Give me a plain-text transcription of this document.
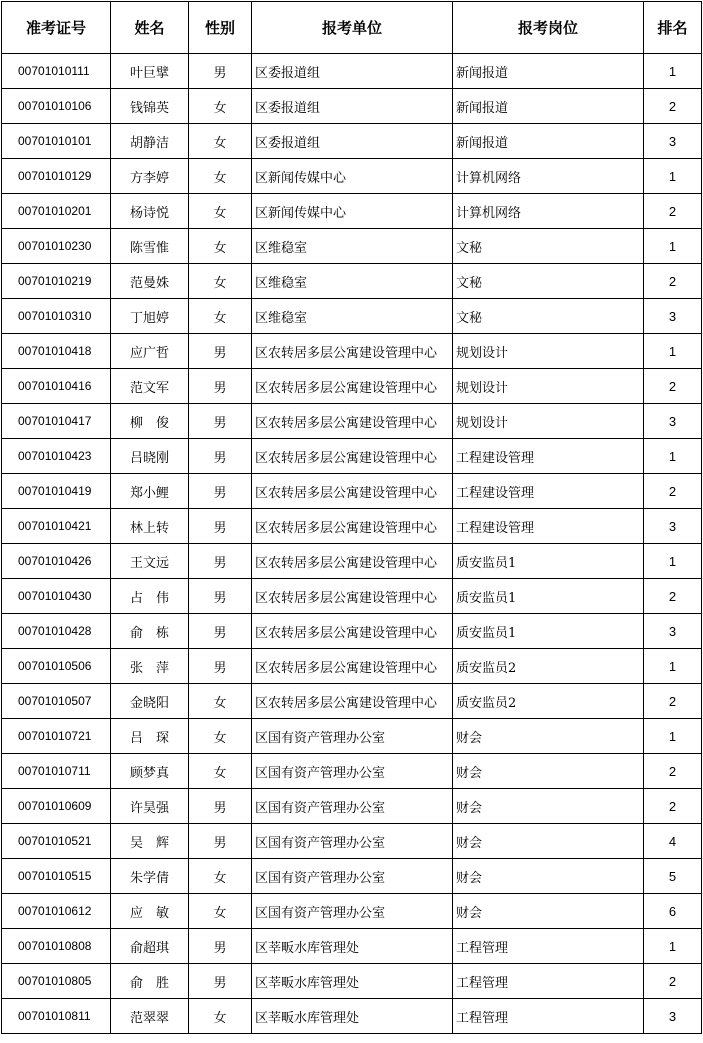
准考证号	姓名	性别	报考单位	报考岗位	排名
00701010111	叶巨擘	男	区委报道组	新闻报道	1
00701010106	钱锦英	女	区委报道组	新闻报道	2
00701010101	胡静洁	女	区委报道组	新闻报道	3
00701010129	方李婷	女	区新闻传媒中心	计算机网络	1
00701010201	杨诗悦	女	区新闻传媒中心	计算机网络	2
00701010230	陈雪惟	女	区维稳室	文秘	1
00701010219	范曼姝	女	区维稳室	文秘	2
00701010310	丁旭婷	女	区维稳室	文秘	3
00701010418	应广哲	男	区农转居多层公寓建设管理中心	规划设计	1
00701010416	范文军	男	区农转居多层公寓建设管理中心	规划设计	2
00701010417	柳　俊	男	区农转居多层公寓建设管理中心	规划设计	3
00701010423	吕晓刚	男	区农转居多层公寓建设管理中心	工程建设管理	1
00701010419	郑小鲤	男	区农转居多层公寓建设管理中心	工程建设管理	2
00701010421	林上转	男	区农转居多层公寓建设管理中心	工程建设管理	3
00701010426	王文远	男	区农转居多层公寓建设管理中心	质安监员1	1
00701010430	占　伟	男	区农转居多层公寓建设管理中心	质安监员1	2
00701010428	俞　栋	男	区农转居多层公寓建设管理中心	质安监员1	3
00701010506	张　萍	男	区农转居多层公寓建设管理中心	质安监员2	1
00701010507	金晓阳	女	区农转居多层公寓建设管理中心	质安监员2	2
00701010721	吕　琛	女	区国有资产管理办公室	财会	1
00701010711	顾梦真	女	区国有资产管理办公室	财会	2
00701010609	许昊强	男	区国有资产管理办公室	财会	2
00701010521	吴　辉	男	区国有资产管理办公室	财会	4
00701010515	朱学倩	女	区国有资产管理办公室	财会	5
00701010612	应　敏	女	区国有资产管理办公室	财会	6
00701010808	俞超琪	男	区莘畈水库管理处	工程管理	1
00701010805	俞　胜	男	区莘畈水库管理处	工程管理	2
00701010811	范翠翠	女	区莘畈水库管理处	工程管理	3
